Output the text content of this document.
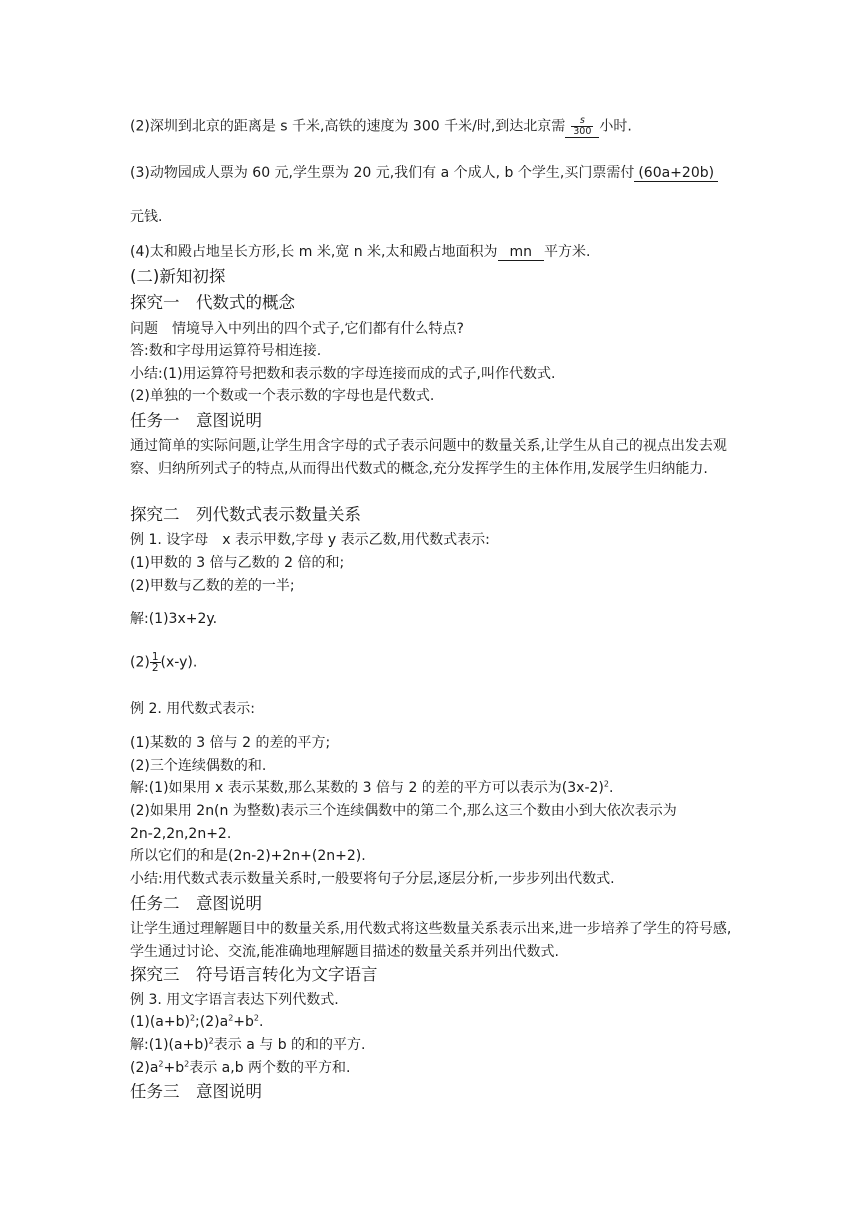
(2)深圳到北京的距离是 s 千米,高铁的速度为 300 千米/时,到达北京需 $\frac{s}{300}$ 小时.
(3)动物园成人票为 60 元,学生票为 20 元,我们有 a 个成人, b 个学生,买门票需付 (60a+20b)
元钱.
(4)太和殿占地呈长方形,长 m 米,宽 n 米,太和殿占地面积为 mn 平方米.
(二)新知初探
探究一　代数式的概念
问题　情境导入中列出的四个式子,它们都有什么特点?
答:数和字母用运算符号相连接.
小结:(1)用运算符号把数和表示数的字母连接而成的式子,叫作代数式.
(2)单独的一个数或一个表示数的字母也是代数式.
任务一　意图说明
通过简单的实际问题,让学生用含字母的式子表示问题中的数量关系,让学生从自己的视点出发去观察、归纳所列式子的特点,从而得出代数式的概念,充分发挥学生的主体作用,发展学生归纳能力.
探究二　列代数式表示数量关系
例 1. 设字母　x 表示甲数,字母 y 表示乙数,用代数式表示:
(1)甲数的 3 倍与乙数的 2 倍的和;
(2)甲数与乙数的差的一半;
解:(1)3x+2y.
$(2) \frac{1}{2} (x-y)$.
例 2. 用代数式表示:
(1)某数的 3 倍与 2 的差的平方;
(2)三个连续偶数的和.
解:(1)如果用 x 表示某数,那么某数的 3 倍与 2 的差的平方可以表示为$(3x-2)^2$.
(2)如果用 2n(n 为整数)表示三个连续偶数中的第二个,那么这三个数由小到大依次表示为
2n-2,2n,2n+2.
所以它们的和是(2n-2)+2n+(2n+2).
小结:用代数式表示数量关系时,一般要将句子分层,逐层分析,一步步列出代数式.
任务二　意图说明
让学生通过理解题目中的数量关系,用代数式将这些数量关系表示出来,进一步培养了学生的符号感,学生通过讨论、交流,能准确地理解题目描述的数量关系并列出代数式.
探究三　符号语言转化为文字语言
例 3. 用文字语言表达下列代数式.
$(1)(a+b)^2;(2)a^2+b^2$.
解$:(1)(a+b)^2$表示 a 与 b 的和的平方.
$(2)a^2+b^2$表示 a,b 两个数的平方和.
任务三　意图说明
